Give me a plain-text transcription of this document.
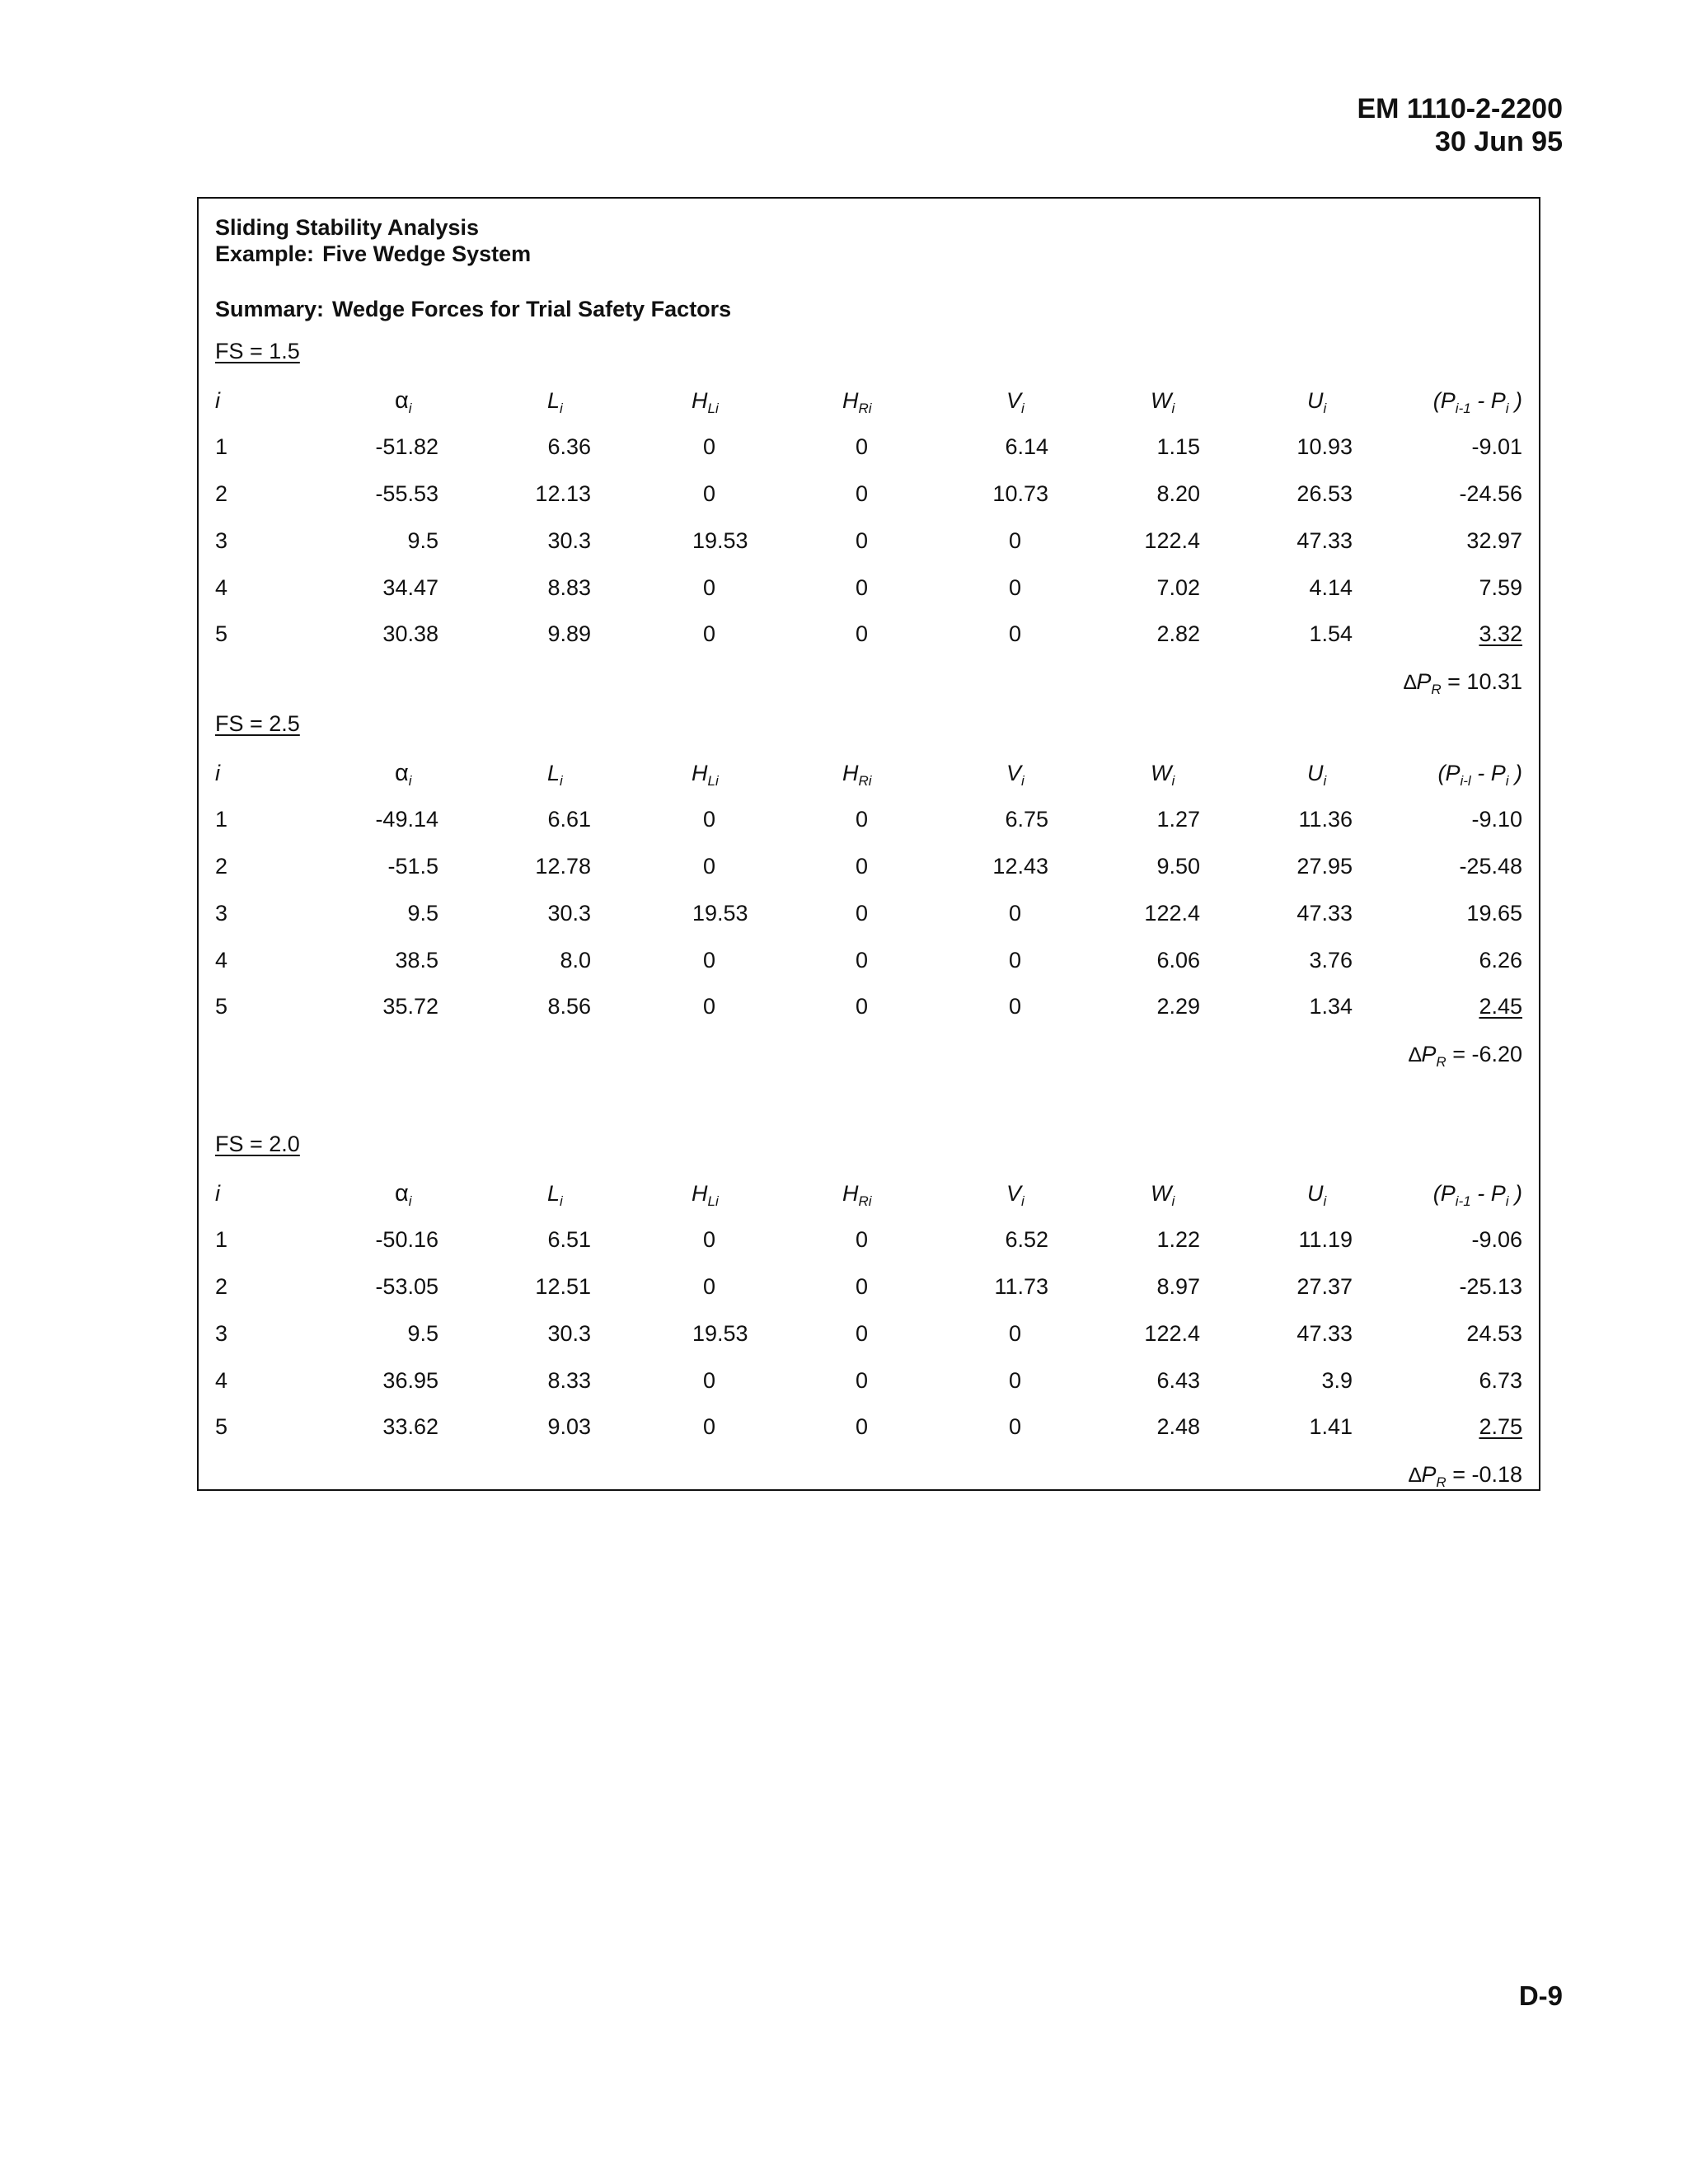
EM 1110-2-2200
30 Jun 95
Sliding Stability Analysis
Example: Five Wedge System
Summary: Wedge Forces for Trial Safety Factors
FS = 1.5
i	$\alpha_i$	$L_i$	$H_{Li}$	$H_{Ri}$	$V_i$	$W_i$	$U_i$	($P_{i-1} - P_i$ )
1	-51.82	6.36	0	0	6.14	1.15	10.93	-9.01
2	-55.53	12.13	0	0	10.73	8.20	26.53	-24.56
3	9.5	30.3	19.53	0	0	122.4	47.33	32.97
4	34.47	8.83	0	0	0	7.02	4.14	7.59
5	30.38	9.89	0	0	0	2.82	1.54	3.32
$\Delta P_R = 10.31$
FS = 2.5
i	$\alpha_i$	$L_i$	$H_{Li}$	$H_{Ri}$	$V_i$	$W_i$	$U_i$	($P_{i-l} - P_i$ )
1	-49.14	6.61	0	0	6.75	1.27	11.36	-9.10
2	-51.5	12.78	0	0	12.43	9.50	27.95	-25.48
3	9.5	30.3	19.53	0	0	122.4	47.33	19.65
4	38.5	8.0	0	0	0	6.06	3.76	6.26
5	35.72	8.56	0	0	0	2.29	1.34	2.45
$\Delta P_R = -6.20$
FS = 2.0
i	$\alpha_i$	$L_i$	$H_{Li}$	$H_{Ri}$	$V_i$	$W_i$	$U_i$	($P_{i-1} - P_i$ )
1	-50.16	6.51	0	0	6.52	1.22	11.19	-9.06
2	-53.05	12.51	0	0	11.73	8.97	27.37	-25.13
3	9.5	30.3	19.53	0	0	122.4	47.33	24.53
4	36.95	8.33	0	0	0	6.43	3.9	6.73
5	33.62	9.03	0	0	0	2.48	1.41	2.75
$\Delta P_R = -0.18$
D-9
